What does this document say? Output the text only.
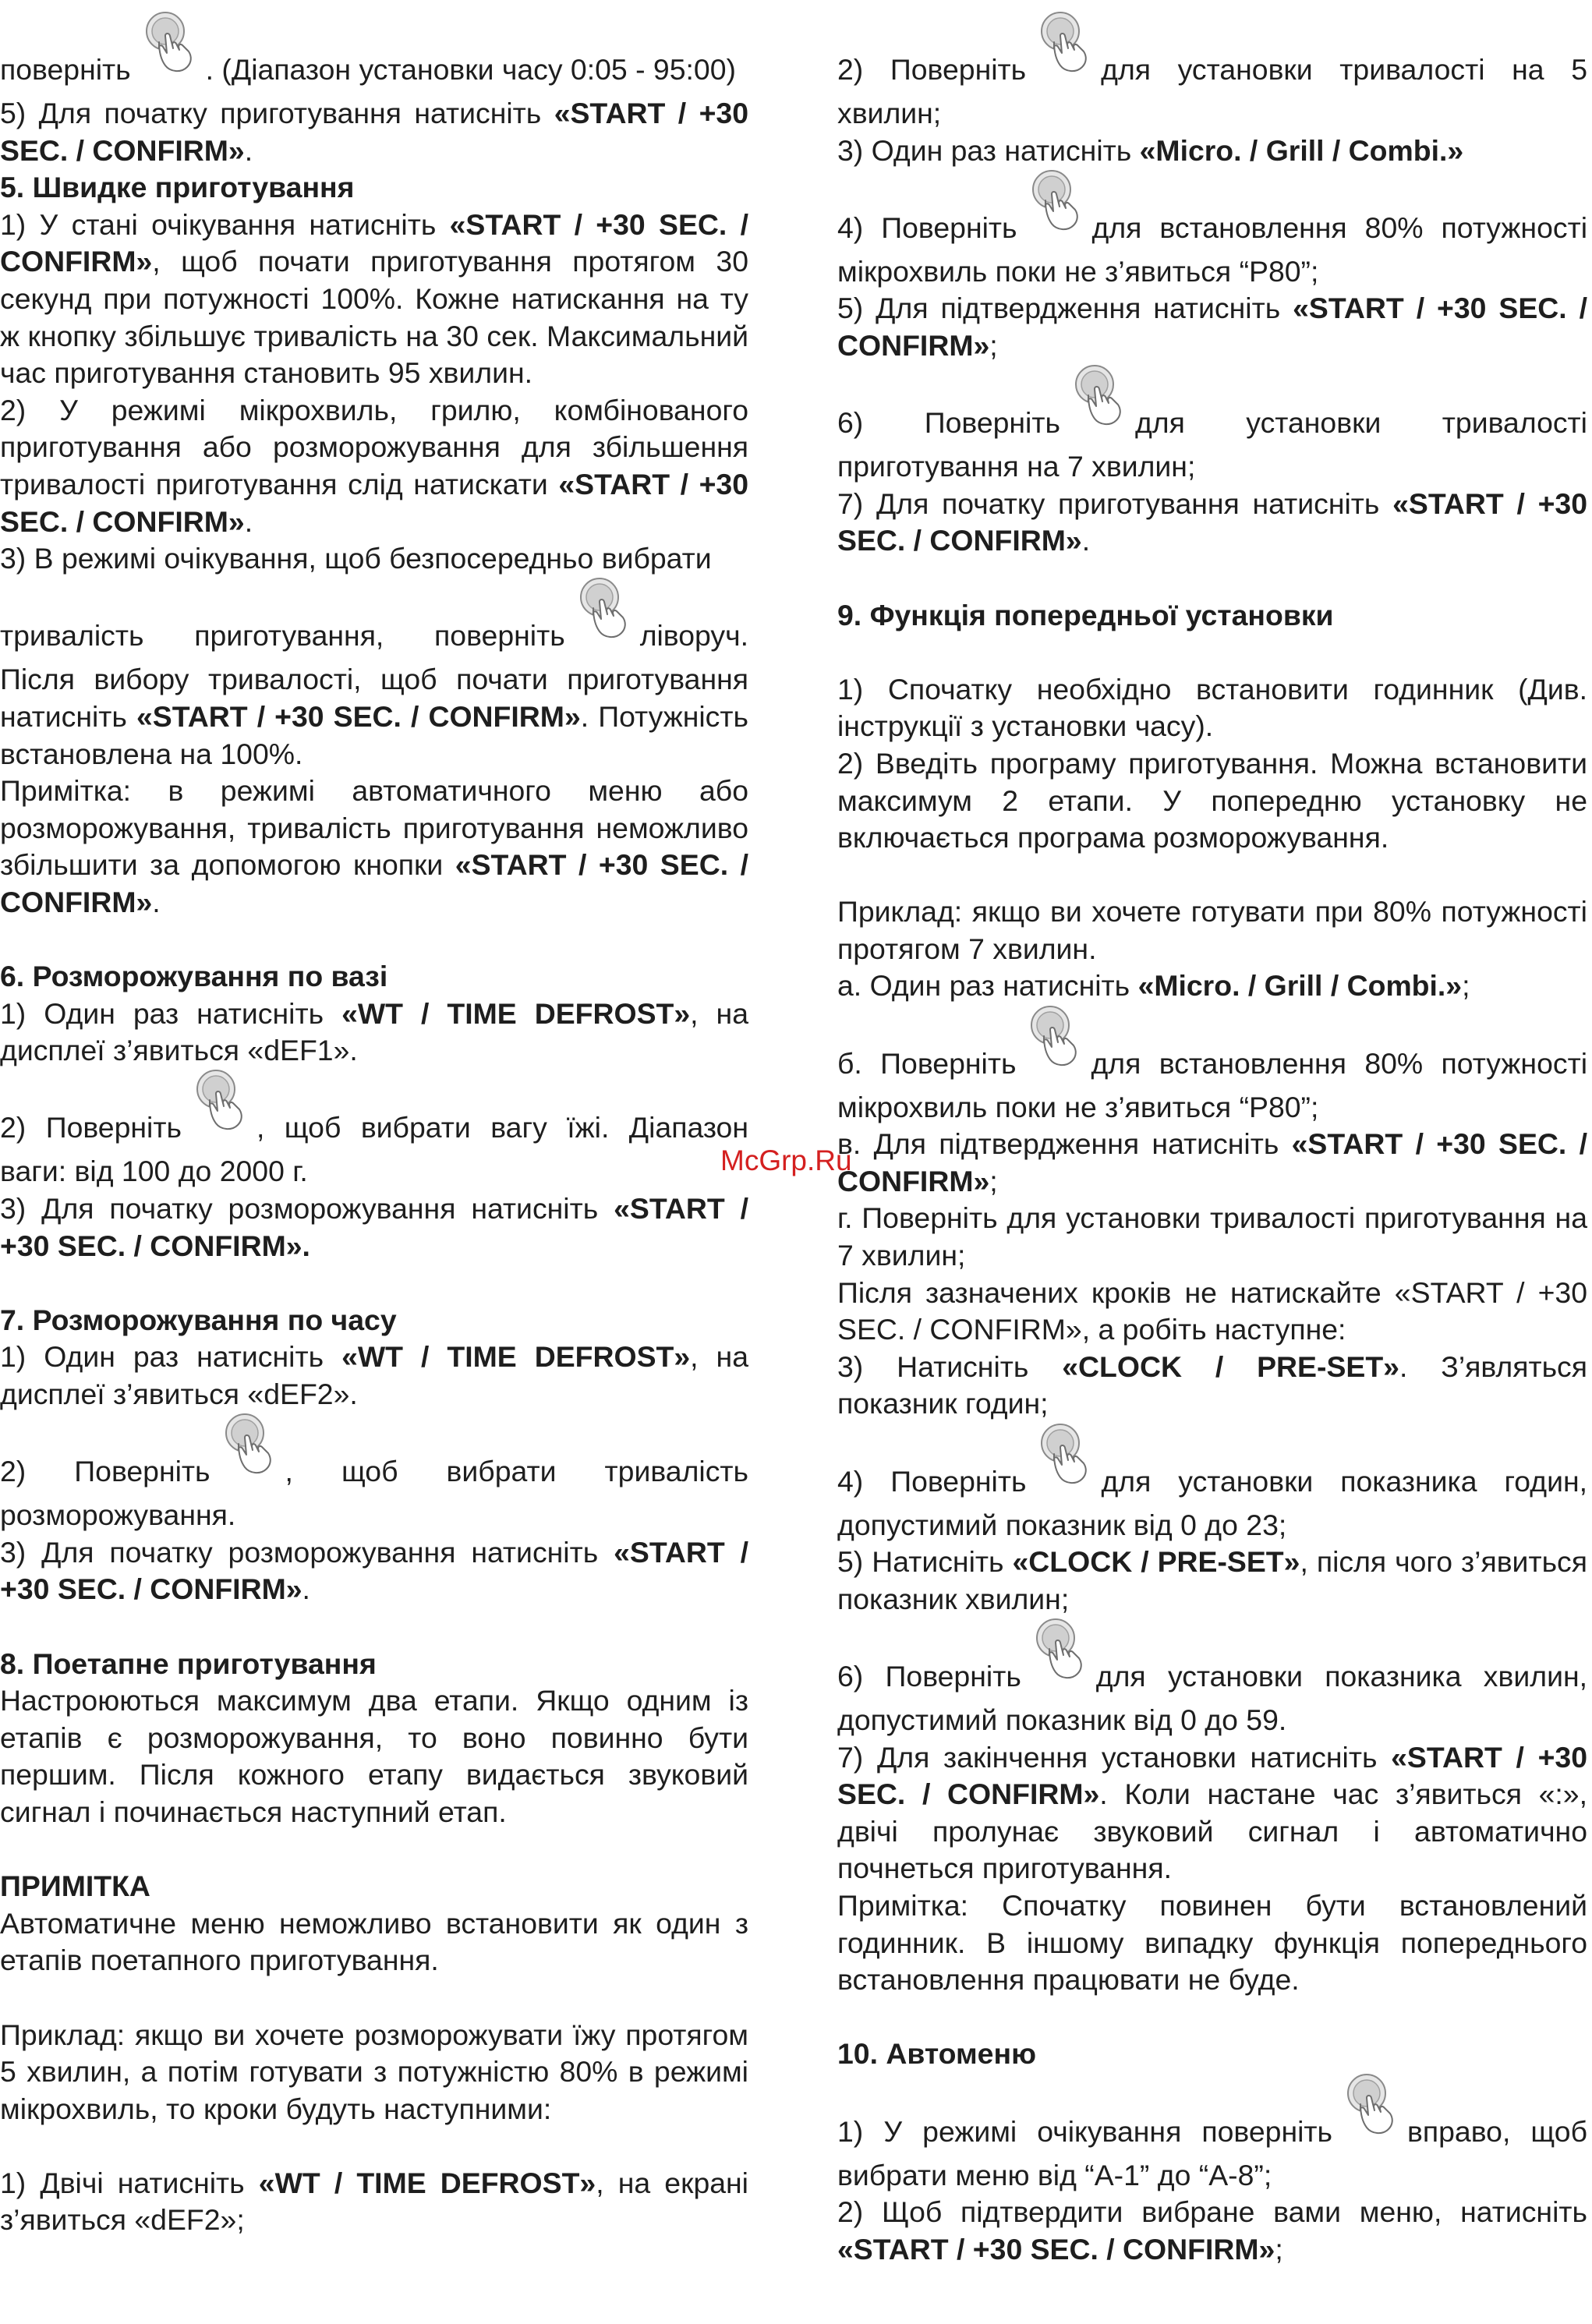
поверніть	. (Діапазон установки часу 0:05 - 95:00)

5) Для початку приготування натисніть «START / +30 SEC. / CONFIRM».

5. Швидке приготування

1) У стані очікування натисніть «START / +30 SEC. / CONFIRM», щоб почати приготування протягом 30 секунд при потужності 100%. Кожне натискання на ту ж кнопку збільшує тривалість на 30 сек. Максимальний час приготування становить 95 хвилин.

2) У режимі мікрохвиль, грилю, комбінованого приготування або розморожування для збільшення тривалості приготування слід натискати «START / +30 SEC. / CONFIRM».

3) В режимі очікування, щоб безпосередньо вибрати

тривалість приготування, поверніть	ліворуч.

Після вибору тривалості, щоб почати приготування натисніть «START / +30 SEC. / CONFIRM». Потужність встановлена на 100%.

Примітка: в режимі автоматичного меню або розморожування, тривалість приготування неможливо збільшити за допомогою кнопки «START / +30 SEC. / CONFIRM».

6. Розморожування по вазі

1) Один раз натисніть «WT / TIME DEFROST», на дисплеї з’явиться «dEF1».

2) Поверніть	, щоб вибрати вагу їжі. Діапазон ваги: від 100 до 2000 г.

3) Для початку розморожування натисніть «START / +30 SEC. / CONFIRM».

7. Розморожування по часу

1) Один раз натисніть «WT / TIME DEFROST», на дисплеї з’явиться «dEF2».

2) Поверніть	, щоб вибрати тривалість

розморожування.

3) Для початку розморожування натисніть «START / +30 SEC. / CONFIRM».

8. Поетапне приготування

Настроюються максимум два етапи. Якщо одним із етапів є розморожування, то воно повинно бути першим. Після кожного етапу видається звуковий сигнал і починається наступний етап.

ПРИМІТКА

Автоматичне меню неможливо встановити як один з етапів поетапного приготування.

Приклад: якщо ви хочете розморожувати їжу протягом 5 хвилин, а потім готувати з потужністю 80% в режимі мікрохвиль, то кроки будуть наступними:

1) Двічі натисніть «WT / TIME DEFROST», на екрані з’явиться «dEF2»;

2) Поверніть	для установки тривалості на 5 хвилин;

3) Один раз натисніть «Micro. / Grill / Combi.»

4) Поверніть	для встановлення 80% потужності мікрохвиль поки не з’явиться “P80”;

5) Для підтвердження натисніть «START / +30 SEC. / CONFIRM»;

6) Поверніть	для установки тривалості приготування на 7 хвилин;

7) Для початку приготування натисніть «START / +30 SEC. / CONFIRM».

9. Функція попередньої установки

1) Спочатку необхідно встановити годинник (Див. інструкції з установки часу).

2) Введіть програму приготування. Можна встановити максимум 2 етапи. У попередню установку не включається програма розморожування.

Приклад: якщо ви хочете готувати при 80% потужності протягом 7 хвилин.

а. Один раз натисніть «Micro. / Grill / Combi.»;

б. Поверніть	для встановлення 80% потужності мікрохвиль поки не з’явиться “P80”;

в. Для підтвердження натисніть «START / +30 SEC. / CONFIRM»;

г. Поверніть для установки тривалості приготування на 7 хвилин;

Після зазначених кроків не натискайте «START / +30 SEC. / CONFIRM», а робіть наступне:

3) Натисніть «CLOCK / PRE-SET». З’являться показник годин;

4) Поверніть	для установки показника годин, допустимий показник від 0 до 23;

5) Натисніть «CLOCK / PRE-SET», після чого з’явиться показник хвилин;

6) Поверніть	для установки показника хвилин, допустимий показник від 0 до 59.

7) Для закінчення установки натисніть «START / +30 SEC. / CONFIRM». Коли настане час з’явиться «:», двічі пролунає звуковий сигнал і автоматично почнеться приготування.

Примітка: Спочатку повинен бути встановлений годинник. В іншому випадку функція попереднього встановлення працювати не буде.

10. Автоменю

1) У режимі очікування поверніть	вправо, щоб вибрати меню від “A-1” до “A-8”;

2) Щоб підтвердити вибране вами меню, натисніть «START / +30 SEC. / CONFIRM»;

McGrp.Ru
